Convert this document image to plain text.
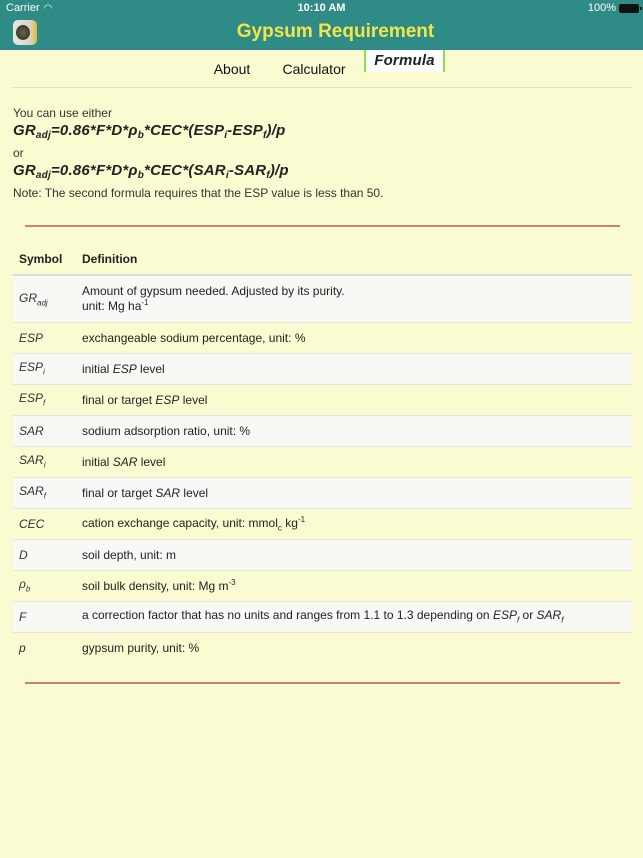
Carrier ◠	10:10 AM	100%
Gypsum Requirement
About	Calculator	Formula
You can use either
$GR_{adj}=0.86*F*D*\rho_b*CEC*(ESP_i-ESP_f)/p$
or
$GR_{adj}=0.86*F*D*\rho_b*CEC*(SAR_i-SAR_f)/p$
Note: The second formula requires that the ESP value is less than 50.
Symbol	Definition
$GR_{adj}$	Amount of gypsum needed. Adjusted by its purity.
unit: Mg $ha^{-1}$

ESP	exchangeable sodium percentage, unit: %
$ESP_i$	initial ESP level
$ESP_f$	final or target ESP level
SAR	sodium adsorption ratio, unit: %
$SAR_i$	initial SAR level
$SAR_f$	final or target SAR level
CEC	cation exchange capacity, unit: mmol$_c$ $kg^{-1}$
D	soil depth, unit: m
$\rho_b$	soil bulk density, unit: Mg $m^{-3}$
F	a correction factor that has no units and ranges from 1.1 to 1.3 depending on $ESP_f$ or $SAR_f$
p	gypsum purity, unit: %
